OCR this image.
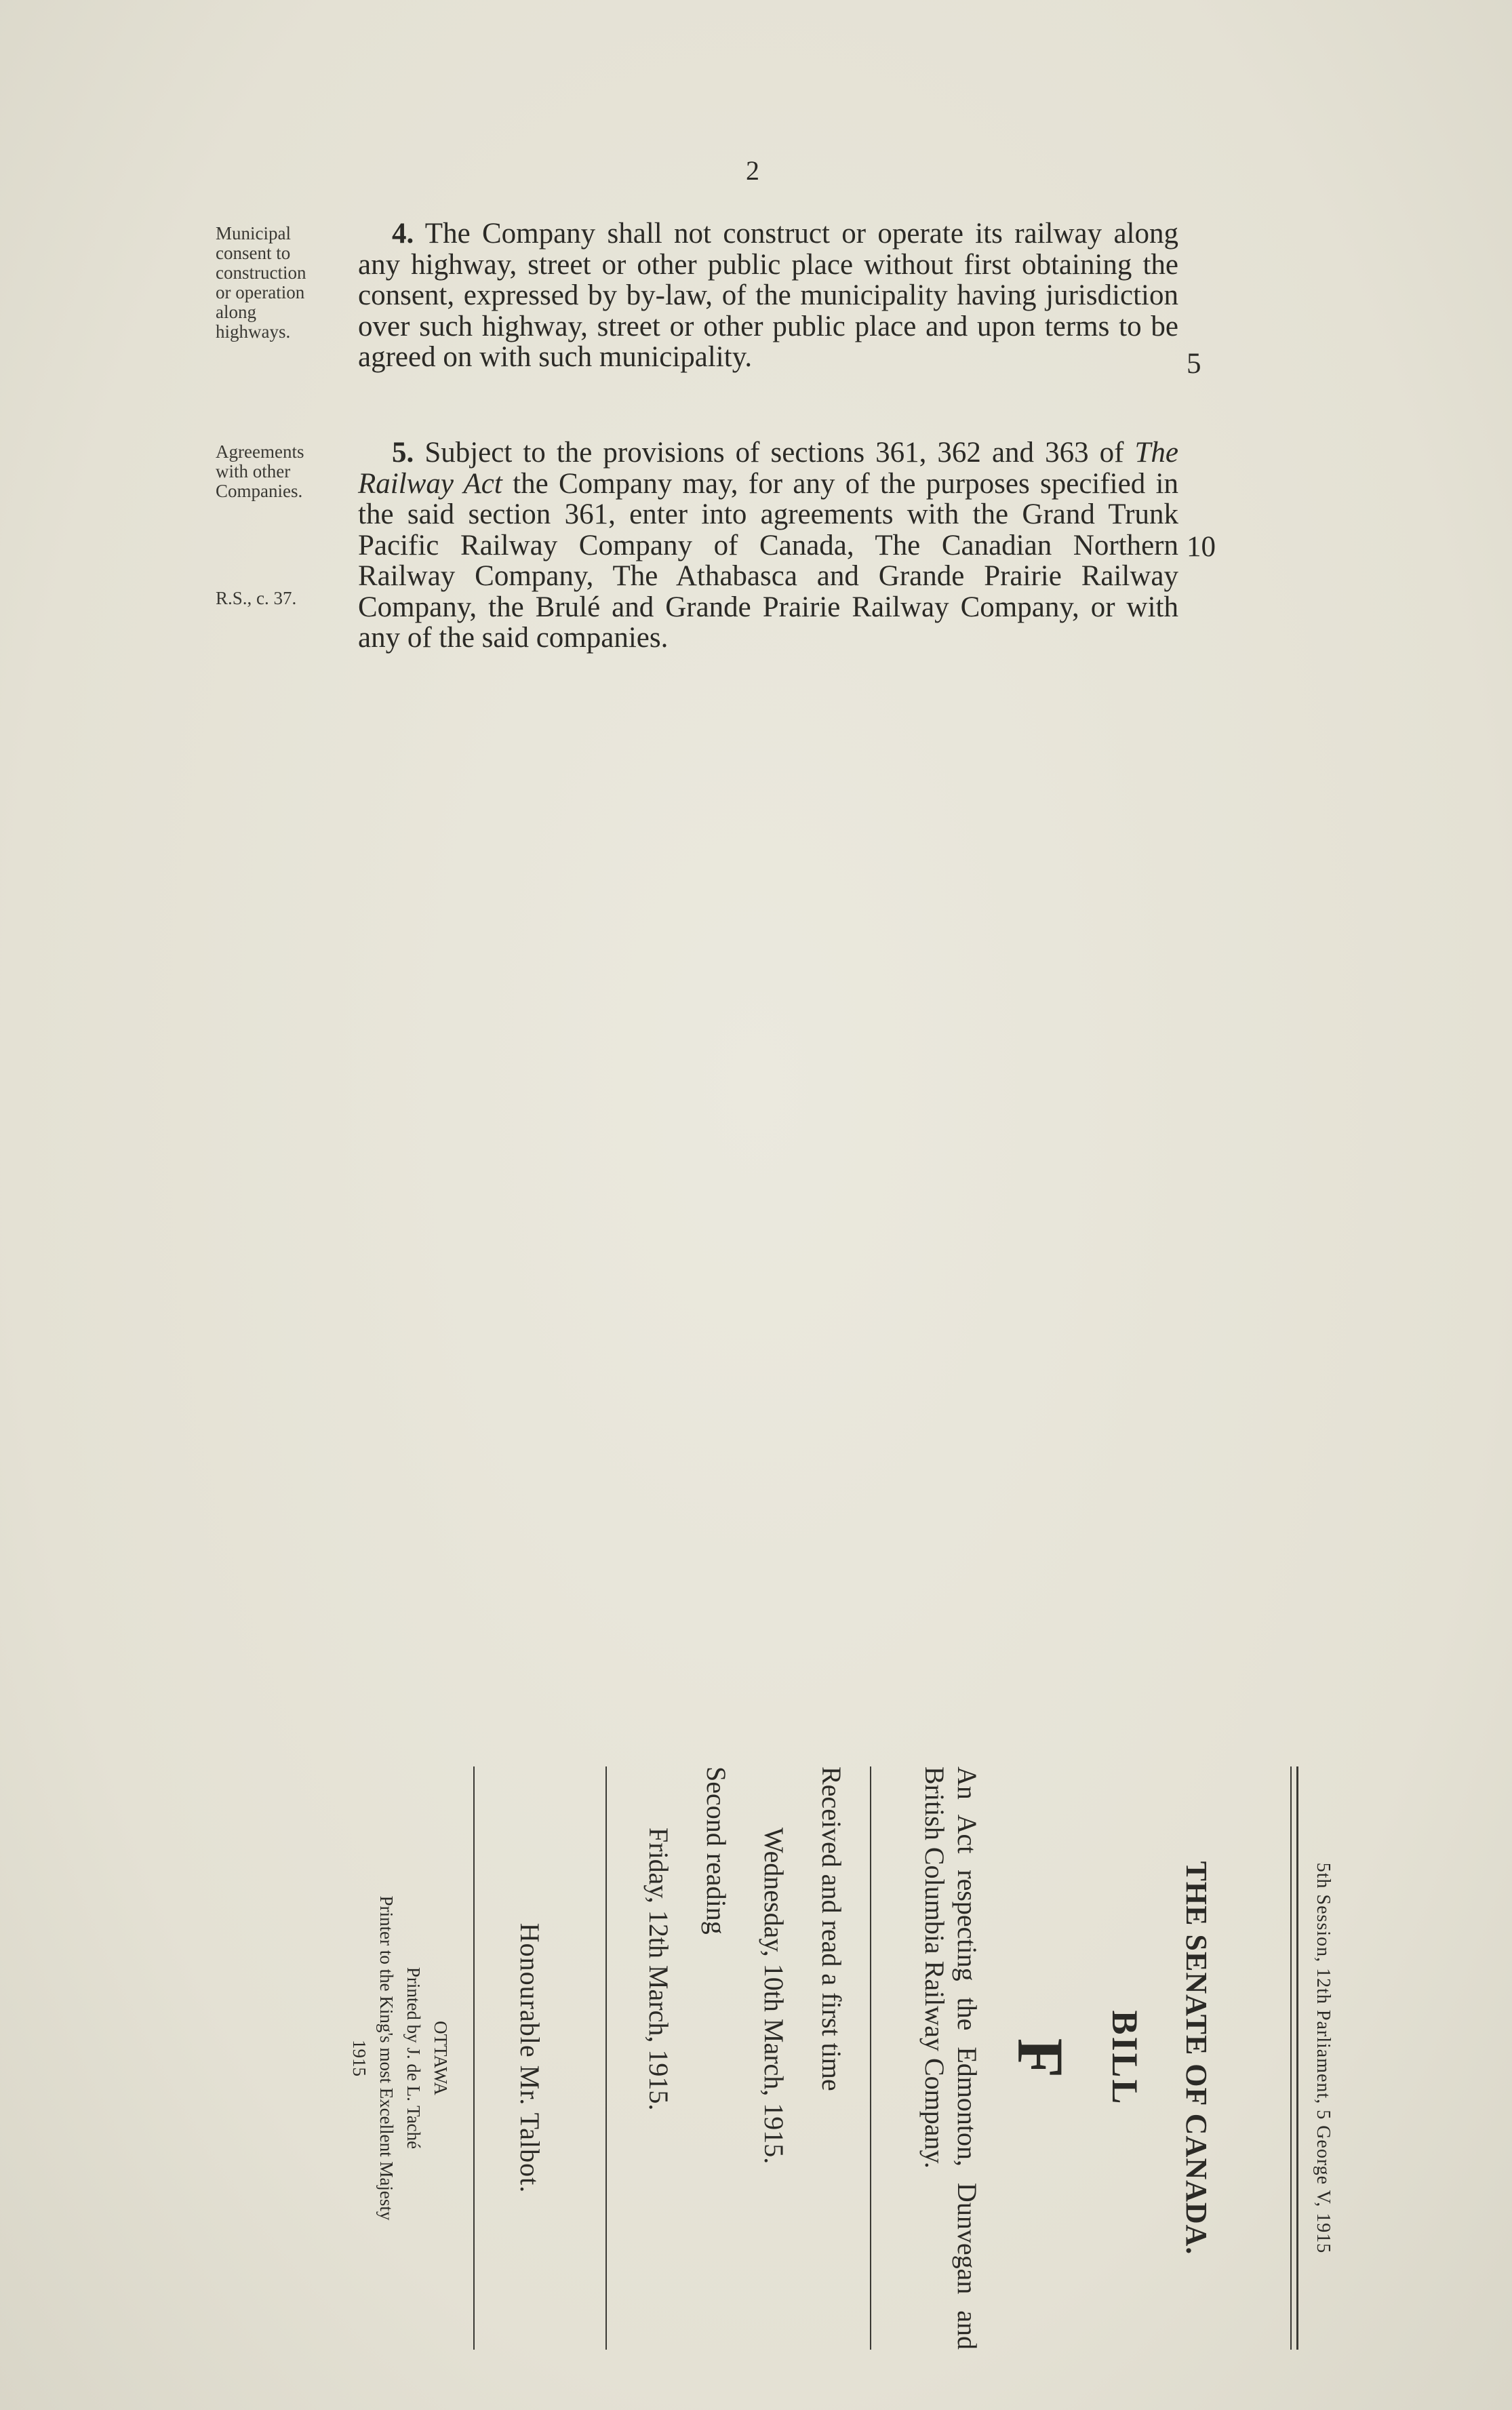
2
Municipal
consent to
construction
or operation
along
highways.
4. The Company shall not construct or operate its railway along any highway, street or other public place without first obtaining the consent, expressed by by-law, of the municipality having jurisdiction over such highway, street or other public place and upon terms to be agreed on with such municipality.	5
Agreements
with other
Companies.
R.S., c. 37.
5. Subject to the provisions of sections 361, 362 and 363 of The Railway Act the Company may, for any of the purposes specified in the said section 361, enter into agreements with the Grand Trunk Pacific Railway Company of Canada, The Canadian Northern Railway Company, The Athabasca and Grande Prairie Railway Company, the Brulé and Grande Prairie Railway Company, or with any of the said companies.
10
5th Session, 12th Parliament, 5 George V, 1915
THE SENATE OF CANADA.
BILL
F
An Act respecting the Edmonton, Dunvegan and British Columbia Railway Company.
Received and read a first time
Wednesday, 10th March, 1915.
Second reading
Friday, 12th March, 1915.
Honourable Mr. Talbot.
OTTAWA
Printed by J. de L. Taché
Printer to the King's most Excellent Majesty
1915
